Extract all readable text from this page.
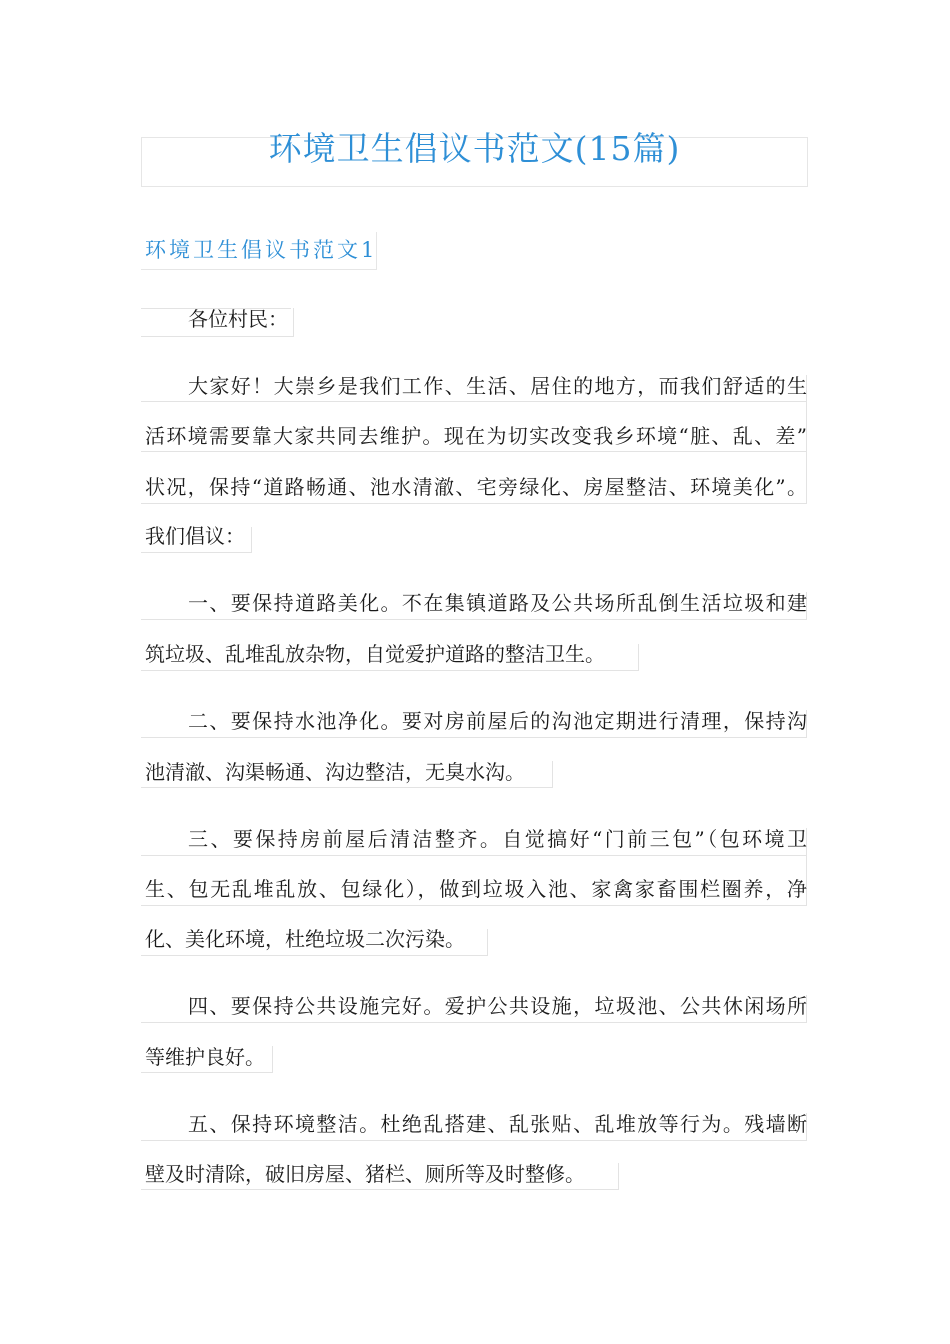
环境卫生倡议书范文(15篇)
环境卫生倡议书范文1
各位村民：
大家好！大崇乡是我们工作、生活、居住的地方，而我们舒适的生
活环境需要靠大家共同去维护。现在为切实改变我乡环境“脏、乱、差”
状况，保持“道路畅通、池水清澈、宅旁绿化、房屋整洁、环境美化”。
我们倡议：
一、要保持道路美化。不在集镇道路及公共场所乱倒生活垃圾和建
筑垃圾、乱堆乱放杂物，自觉爱护道路的整洁卫生。
二、要保持水池净化。要对房前屋后的沟池定期进行清理，保持沟
池清澈、沟渠畅通、沟边整洁，无臭水沟。
三、要保持房前屋后清洁整齐。自觉搞好“门前三包”（包环境卫
生、包无乱堆乱放、包绿化），做到垃圾入池、家禽家畜围栏圈养，净
化、美化环境，杜绝垃圾二次污染。
四、要保持公共设施完好。爱护公共设施，垃圾池、公共休闲场所
等维护良好。
五、保持环境整洁。杜绝乱搭建、乱张贴、乱堆放等行为。残墙断
壁及时清除，破旧房屋、猪栏、厕所等及时整修。
